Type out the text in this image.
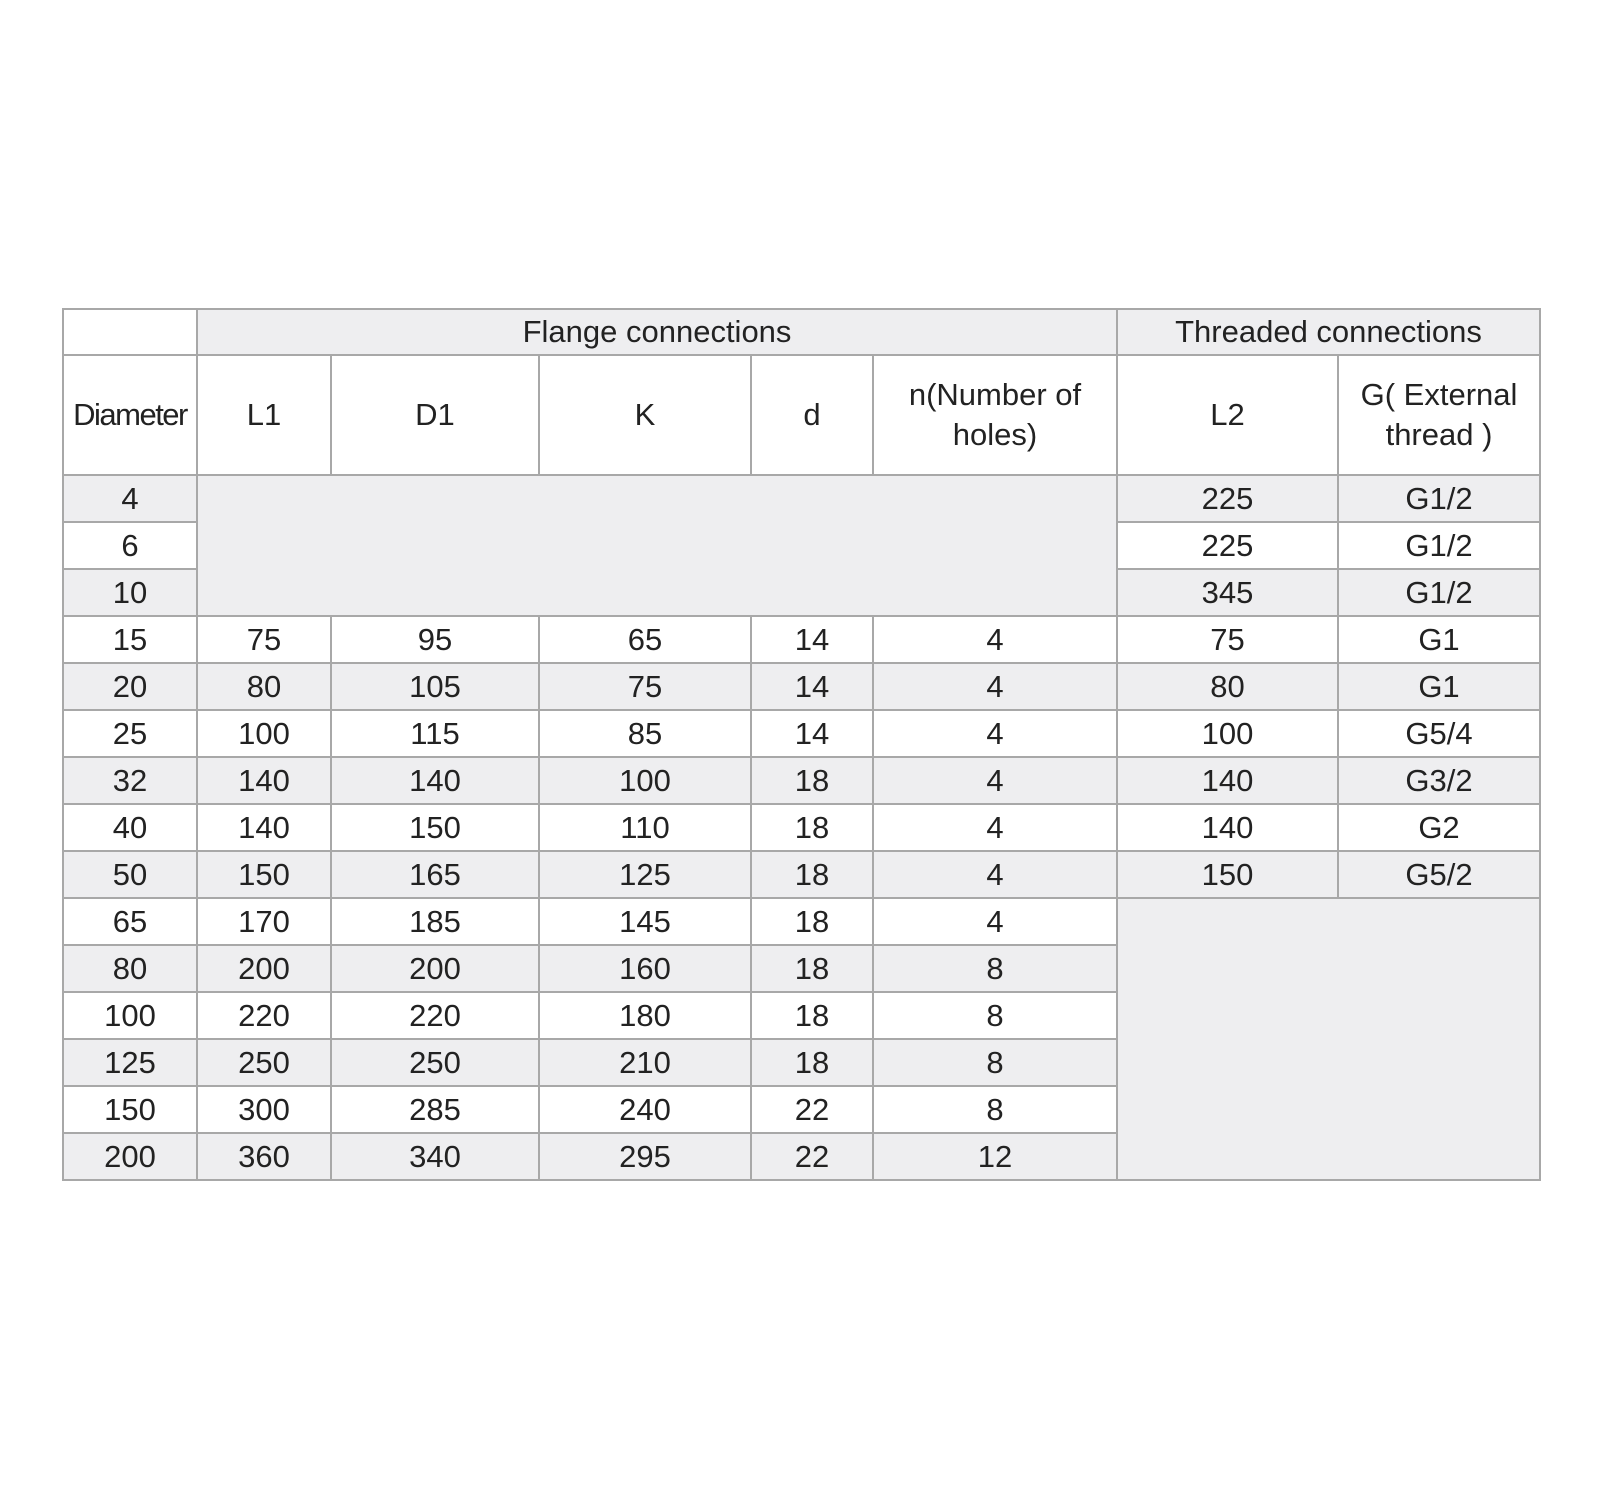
	Flange connections					Threaded connections	
Diameter	L1	D1	K	d	n(Number of holes)	L2	G( External thread )
4						225	G1/2
6						225	G1/2
10						345	G1/2
15	75	95	65	14	4	75	G1
20	80	105	75	14	4	80	G1
25	100	115	85	14	4	100	G5/4
32	140	140	100	18	4	140	G3/2
40	140	150	110	18	4	140	G2
50	150	165	125	18	4	150	G5/2
65	170	185	145	18	4		
80	200	200	160	18	8		
100	220	220	180	18	8		
125	250	250	210	18	8		
150	300	285	240	22	8		
200	360	340	295	22	12		
